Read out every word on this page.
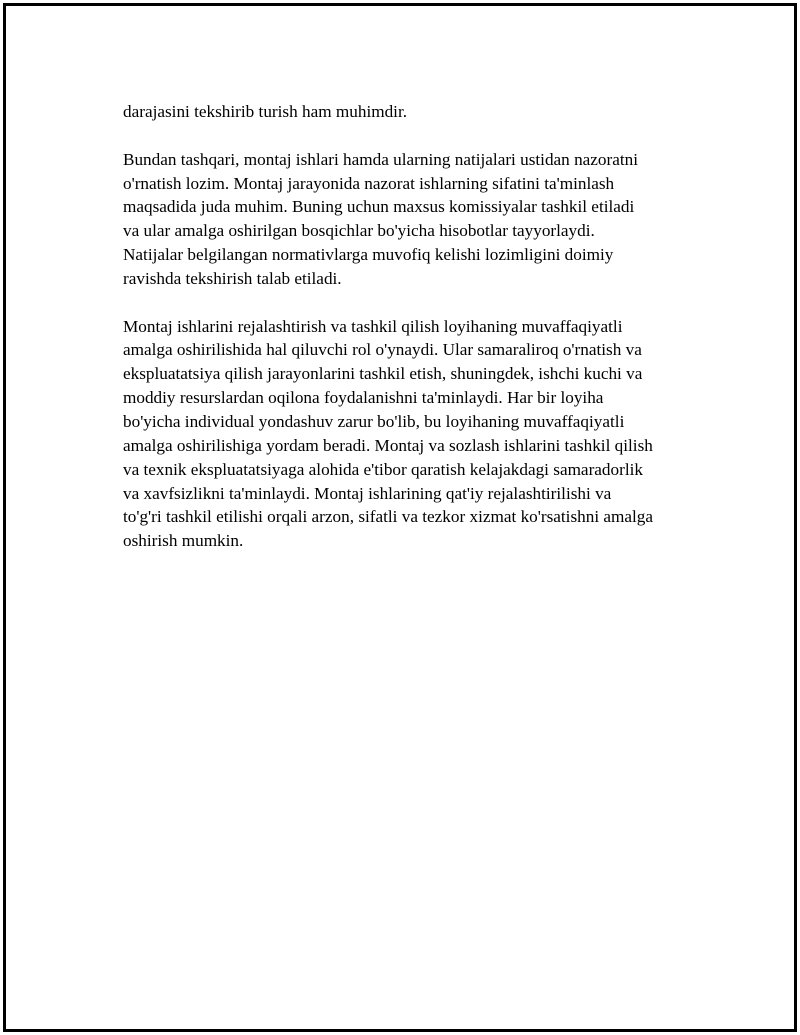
darajasini tekshirib turish ham muhimdir.

Bundan tashqari, montaj ishlari hamda ularning natijalari ustidan nazoratni
o'rnatish lozim. Montaj jarayonida nazorat ishlarning sifatini ta'minlash
maqsadida juda muhim. Buning uchun maxsus komissiyalar tashkil etiladi
va ular amalga oshirilgan bosqichlar bo'yicha hisobotlar tayyorlaydi.
Natijalar belgilangan normativlarga muvofiq kelishi lozimligini doimiy
ravishda tekshirish talab etiladi.

Montaj ishlarini rejalashtirish va tashkil qilish loyihaning muvaffaqiyatli
amalga oshirilishida hal qiluvchi rol o'ynaydi. Ular samaraliroq o'rnatish va
ekspluatatsiya qilish jarayonlarini tashkil etish, shuningdek, ishchi kuchi va
moddiy resurslardan oqilona foydalanishni ta'minlaydi. Har bir loyiha
bo'yicha individual yondashuv zarur bo'lib, bu loyihaning muvaffaqiyatli
amalga oshirilishiga yordam beradi. Montaj va sozlash ishlarini tashkil qilish
va texnik ekspluatatsiyaga alohida e'tibor qaratish kelajakdagi samaradorlik
va xavfsizlikni ta'minlaydi. Montaj ishlarining qat'iy rejalashtirilishi va
to'g'ri tashkil etilishi orqali arzon, sifatli va tezkor xizmat ko'rsatishni amalga
oshirish mumkin.
